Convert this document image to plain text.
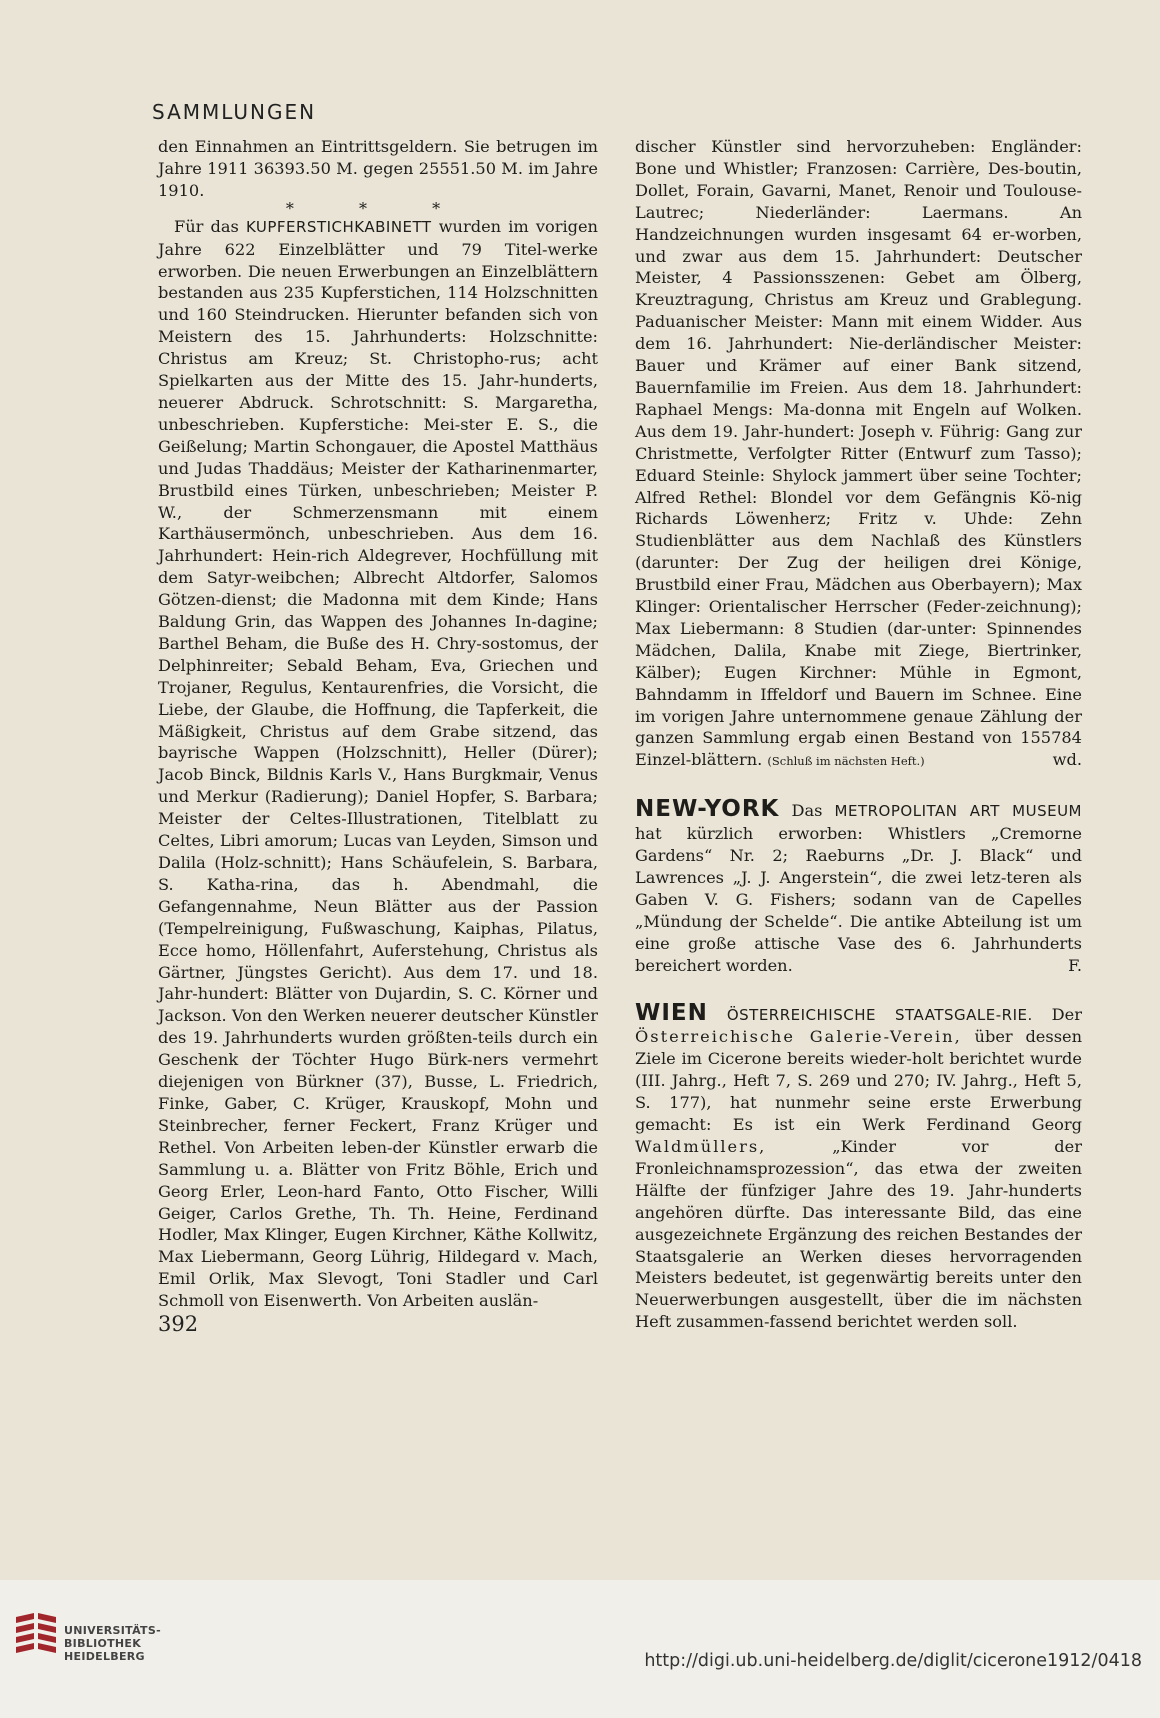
SAMMLUNGEN

den Einnahmen an Eintrittsgeldern. Sie betrugen im Jahre 1911 36393.50 M. gegen 25551.50 M. im Jahre 1910.

* * *

Für das KUPFERSTICHKABINETT wurden im vorigen Jahre 622 Einzelblätter und 79 Titel-werke erworben. Die neuen Erwerbungen an Einzelblättern bestanden aus 235 Kupferstichen, 114 Holzschnitten und 160 Steindrucken. Hierunter befanden sich von Meistern des 15. Jahrhunderts: Holzschnitte: Christus am Kreuz; St. Christopho-rus; acht Spielkarten aus der Mitte des 15. Jahr-hunderts, neuerer Abdruck. Schrotschnitt: S. Margaretha, unbeschrieben. Kupferstiche: Mei-ster E. S., die Geißelung; Martin Schongauer, die Apostel Matthäus und Judas Thaddäus; Meister der Katharinenmarter, Brustbild eines Türken, unbeschrieben; Meister P. W., der Schmerzensmann mit einem Karthäusermönch, unbeschrieben. Aus dem 16. Jahrhundert: Hein-rich Aldegrever, Hochfüllung mit dem Satyr-weibchen; Albrecht Altdorfer, Salomos Götzen-dienst; die Madonna mit dem Kinde; Hans Baldung Grin, das Wappen des Johannes In-dagine; Barthel Beham, die Buße des H. Chry-sostomus, der Delphinreiter; Sebald Beham, Eva, Griechen und Trojaner, Regulus, Kentaurenfries, die Vorsicht, die Liebe, der Glaube, die Hoffnung, die Tapferkeit, die Mäßigkeit, Christus auf dem Grabe sitzend, das bayrische Wappen (Holzschnitt), Heller (Dürer); Jacob Binck, Bildnis Karls V., Hans Burgkmair, Venus und Merkur (Radierung); Daniel Hopfer, S. Barbara; Meister der Celtes-Illustrationen, Titelblatt zu Celtes, Libri amorum; Lucas van Leyden, Simson und Dalila (Holz-schnitt); Hans Schäufelein, S. Barbara, S. Katha-rina, das h. Abendmahl, die Gefangennahme, Neun Blätter aus der Passion (Tempelreinigung, Fußwaschung, Kaiphas, Pilatus, Ecce homo, Höllenfahrt, Auferstehung, Christus als Gärtner, Jüngstes Gericht). Aus dem 17. und 18. Jahr-hundert: Blätter von Dujardin, S. C. Körner und Jackson. Von den Werken neuerer deutscher Künstler des 19. Jahrhunderts wurden größten-teils durch ein Geschenk der Töchter Hugo Bürk-ners vermehrt diejenigen von Bürkner (37), Busse, L. Friedrich, Finke, Gaber, C. Krüger, Krauskopf, Mohn und Steinbrecher, ferner Feckert, Franz Krüger und Rethel. Von Arbeiten leben-der Künstler erwarb die Sammlung u. a. Blätter von Fritz Böhle, Erich und Georg Erler, Leon-hard Fanto, Otto Fischer, Willi Geiger, Carlos Grethe, Th. Th. Heine, Ferdinand Hodler, Max Klinger, Eugen Kirchner, Käthe Kollwitz, Max Liebermann, Georg Lührig, Hildegard v. Mach, Emil Orlik, Max Slevogt, Toni Stadler und Carl Schmoll von Eisenwerth. Von Arbeiten auslän-

discher Künstler sind hervorzuheben: Engländer: Bone und Whistler; Franzosen: Carrière, Des-boutin, Dollet, Forain, Gavarni, Manet, Renoir und Toulouse-Lautrec; Niederländer: Laermans. An Handzeichnungen wurden insgesamt 64 er-worben, und zwar aus dem 15. Jahrhundert: Deutscher Meister, 4 Passionsszenen: Gebet am Ölberg, Kreuztragung, Christus am Kreuz und Grablegung. Paduanischer Meister: Mann mit einem Widder. Aus dem 16. Jahrhundert: Nie-derländischer Meister: Bauer und Krämer auf einer Bank sitzend, Bauernfamilie im Freien. Aus dem 18. Jahrhundert: Raphael Mengs: Ma-donna mit Engeln auf Wolken. Aus dem 19. Jahr-hundert: Joseph v. Führig: Gang zur Christmette, Verfolgter Ritter (Entwurf zum Tasso); Eduard Steinle: Shylock jammert über seine Tochter; Alfred Rethel: Blondel vor dem Gefängnis Kö-nig Richards Löwenherz; Fritz v. Uhde: Zehn Studienblätter aus dem Nachlaß des Künstlers (darunter: Der Zug der heiligen drei Könige, Brustbild einer Frau, Mädchen aus Oberbayern); Max Klinger: Orientalischer Herrscher (Feder-zeichnung); Max Liebermann: 8 Studien (dar-unter: Spinnendes Mädchen, Dalila, Knabe mit Ziege, Biertrinker, Kälber); Eugen Kirchner: Mühle in Egmont, Bahndamm in Iffeldorf und Bauern im Schnee. Eine im vorigen Jahre unternommene genaue Zählung der ganzen Sammlung ergab einen Bestand von 155784 Einzel-blättern. (Schluß im nächsten Heft.)	wd.

NEW-YORK Das METROPOLITAN ART MUSEUM hat kürzlich erworben: Whistlers „Cremorne Gardens“ Nr. 2; Raeburns „Dr. J. Black“ und Lawrences „J. J. Angerstein“, die zwei letz-teren als Gaben V. G. Fishers; sodann van de Capelles „Mündung der Schelde“. Die antike Abteilung ist um eine große attische Vase des 6. Jahrhunderts bereichert worden.	F.

WIEN ÖSTERREICHISCHE STAATSGALE-RIE. Der Österreichische Galerie-Verein, über dessen Ziele im Cicerone bereits wieder-holt berichtet wurde (III. Jahrg., Heft 7, S. 269 und 270; IV. Jahrg., Heft 5, S. 177), hat nunmehr seine erste Erwerbung gemacht: Es ist ein Werk Ferdinand Georg Waldmüllers,	„Kinder vor der Fronleichnamsprozession“, das etwa der zweiten Hälfte der fünfziger Jahre des 19. Jahr-hunderts angehören dürfte. Das interessante Bild, das eine ausgezeichnete Ergänzung des reichen Bestandes der Staatsgalerie an Werken dieses hervorragenden Meisters bedeutet, ist gegenwärtig bereits unter den Neuerwerbungen ausgestellt, über die im nächsten Heft zusammen-fassend berichtet werden soll.

392
UNIVERSITÄTS-
BIBLIOTHEK
HEIDELBERG	http://digi.ub.uni-heidelberg.de/diglit/cicerone1912/0418
